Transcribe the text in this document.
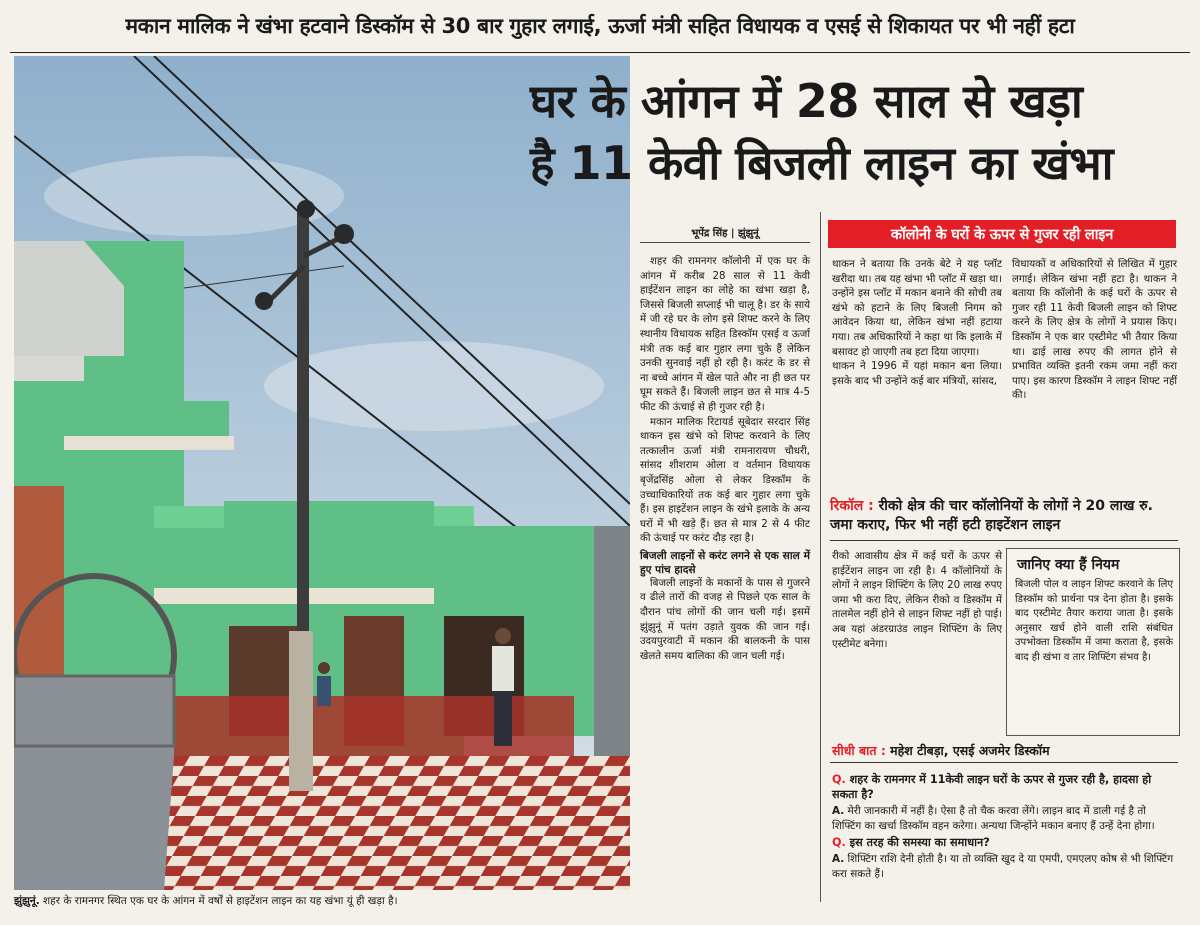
मकान मालिक ने खंभा हटवाने डिस्कॉम से 30 बार गुहार लगाई, ऊर्जा मंत्री सहित विधायक व एसई से शिकायत पर भी नहीं हटा
झुंझुनूं. शहर के रामनगर स्थित एक घर के आंगन में वर्षों से हाइटेंशन लाइन का यह खंभा यूं ही खड़ा है।
घर के आंगन में 28 साल से खड़ा
है 11 केवी बिजली लाइन का खंभा
भूपेंद्र सिंह | झुंझुनूं

शहर की रामनगर कॉलोनी में एक घर के आंगन में करीब 28 साल से 11 केवी हाईटेंशन लाइन का लोहे का खंभा खड़ा है, जिससे बिजली सप्लाई भी चालू है। डर के साये में जी रहे घर के लोग इसे शिफ्ट करने के लिए स्थानीय विधायक सहित डिस्कॉम एसई व ऊर्जा मंत्री तक कई बार गुहार लगा चुके हैं लेकिन उनकी सुनवाई नहीं हो रही है। करंट के डर से ना बच्चे आंगन में खेल पाते और ना ही छत पर घूम सकते हैं। बिजली लाइन छत से मात्र 4-5 फीट की ऊंचाई से ही गुजर रही है।

मकान मालिक रिटायर्ड सूबेदार सरदार सिंह थाकन इस खंभे को शिफ्ट करवाने के लिए तत्कालीन ऊर्जा मंत्री रामनारायण चौधरी, सांसद शीशराम ओला व वर्तमान विधायक बृजेंद्रसिंह ओला से लेकर डिस्कॉम के उच्चाधिकारियों तक कई बार गुहार लगा चुके हैं। इस हाइटेंशन लाइन के खंभे इलाके के अन्य घरों में भी खड़े हैं। छत से मात्र 2 से 4 फीट की ऊंचाई पर करंट दौड़ रहा है।

बिजली लाइनों से करंट लगने से एक साल में हुए पांच हादसे

बिजली लाइनों के मकानों के पास से गुजरने व ढीले तारों की वजह से पिछले एक साल के दौरान पांच लोगों की जान चली गई। इसमें झुंझुनूं में पतंग उड़ाते युवक की जान गई। उदयपुरवाटी में मकान की बालकनी के पास खेलते समय बालिका की जान चली गई।

कॉलोनी के घरों के ऊपर से गुजर रही लाइन

थाकन ने बताया कि उनके बेटे ने यह प्लॉट खरीदा था। तब यह खंभा भी प्लॉट में खड़ा था। उन्होंने इस प्लॉट में मकान बनाने की सोची तब खंभे को हटाने के लिए बिजली निगम को आवेदन किया था, लेकिन खंभा नहीं हटाया गया। तब अधिकारियों ने कहा था कि इलाके में बसावट हो जाएगी तब हटा दिया जाएगा।

थाकन ने 1996 में यहां मकान बना लिया। इसके बाद भी उन्होंने कई बार मंत्रियों, सांसद,

विधायकों व अधिकारियों से लिखित में गुहार लगाई। लेकिन खंभा नहीं हटा है। थाकन ने बताया कि कॉलोनी के कई घरों के ऊपर से गुजर रही 11 केवी बिजली लाइन को शिफ्ट करने के लिए क्षेत्र के लोगों ने प्रयास किए। डिस्कॉम ने एक बार एस्टीमेट भी तैयार किया था। ढाई लाख रुपए की लागत होने से प्रभावित व्यक्ति इतनी रकम जमा नहीं करा पाए। इस कारण डिस्कॉम ने लाइन शिफ्ट नहीं की।

रिकॉल : रीको क्षेत्र की चार कॉलोनियों के लोगों ने 20 लाख रु. जमा कराए, फिर भी नहीं हटी हाइटेंशन लाइन

रीको आवासीय क्षेत्र में कई घरों के ऊपर से हाईटेंशन लाइन जा रही है। 4 कॉलोनियों के लोगों ने लाइन शिफ्टिंग के लिए 20 लाख रुपए जमा भी करा दिए, लेकिन रीको व डिस्कॉम में तालमेल नहीं होने से लाइन शिफ्ट नहीं हो पाई। अब यहां अंडरग्राउंड लाइन शिफ्टिंग के लिए एस्टीमेट बनेगा।

जानिए क्या हैं नियम
बिजली पोल व लाइन शिफ्ट करवाने के लिए डिस्कॉम को प्रार्थना पत्र देना होता है। इसके बाद एस्टीमेट तैयार कराया जाता है। इसके अनुसार खर्च होने वाली राशि संबंधित उपभोक्ता डिस्कॉम में जमा कराता है, इसके बाद ही खंभा व तार शिफ्टिंग संभव है।
सीधी बात : महेश टीबड़ा, एसई अजमेर डिस्कॉम
Q. शहर के रामनगर में 11केवी लाइन घरों के ऊपर से गुजर रही है, हादसा हो सकता है?
A. मेरी जानकारी में नहीं है। ऐसा है तो चैक करवा लेंगे। लाइन बाद में डाली गई है तो शिफ्टिंग का खर्चा डिस्कॉम वहन करेगा। अन्यथा जिन्होंने मकान बनाए हैं उन्हें देना होगा।
Q. इस तरह की समस्या का समाधान?
A. शिफ्टिंग राशि देनी होती है। या तो व्यक्ति खुद दे या एमपी, एमएलए कोष से भी शिफ्टिंग करा सकते हैं।
